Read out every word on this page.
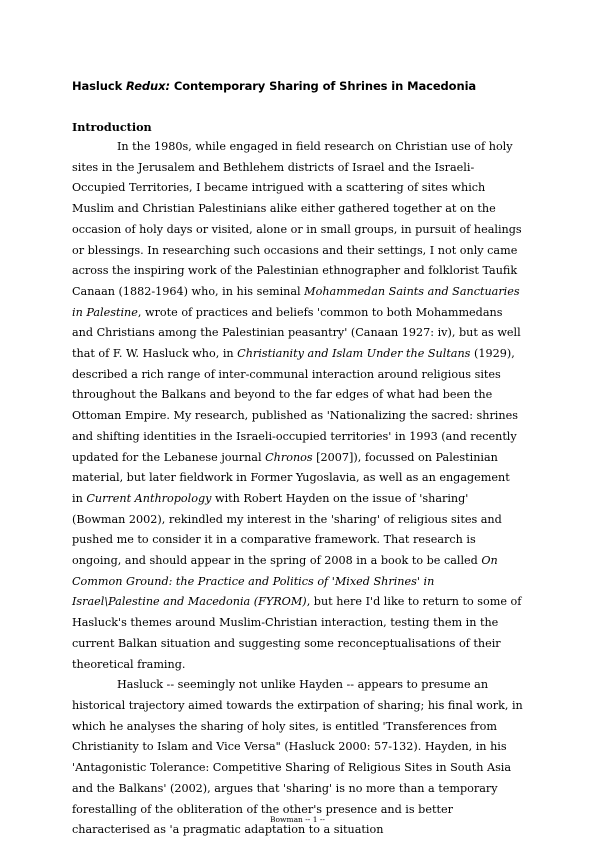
Hasluck Redux: Contemporary Sharing of Shrines in Macedonia

Introduction

In the 1980s, while engaged in field research on Christian use of holy sites in the Jerusalem and Bethlehem districts of Israel and the Israeli-Occupied Territories, I became intrigued with a scattering of sites which Muslim and Christian Palestinians alike either gathered together at on the occasion of holy days or visited, alone or in small groups, in pursuit of healings or blessings. In researching such occasions and their settings, I not only came across the inspiring work of the Palestinian ethnographer and folklorist Taufik Canaan (1882-1964) who, in his seminal Mohammedan Saints and Sanctuaries in Palestine, wrote of practices and beliefs 'common to both Mohammedans and Christians among the Palestinian peasantry' (Canaan 1927: iv), but as well that of F. W. Hasluck who, in Christianity and Islam Under the Sultans (1929), described a rich range of inter-communal interaction around religious sites throughout the Balkans and beyond to the far edges of what had been the Ottoman Empire. My research, published as 'Nationalizing the sacred: shrines and shifting identities in the Israeli-occupied territories' in 1993 (and recently updated for the Lebanese journal Chronos [2007]), focussed on Palestinian material, but later fieldwork in Former Yugoslavia, as well as an engagement in Current Anthropology with Robert Hayden on the issue of 'sharing' (Bowman 2002), rekindled my interest in the 'sharing' of religious sites and pushed me to consider it in a comparative framework. That research is ongoing, and should appear in the spring of 2008 in a book to be called On Common Ground: the Practice and Politics of 'Mixed Shrines' in Israel\Palestine and Macedonia (FYROM), but here I'd like to return to some of Hasluck's themes around Muslim-Christian interaction, testing them in the current Balkan situation and suggesting some reconceptualisations of their theoretical framing.

Hasluck -- seemingly not unlike Hayden -- appears to presume an historical trajectory aimed towards the extirpation of sharing; his final work, in which he analyses the sharing of holy sites, is entitled 'Transferences from Christianity to Islam and Vice Versa" (Hasluck 2000: 57-132). Hayden, in his 'Antagonistic Tolerance: Competitive Sharing of Religious Sites in South Asia and the Balkans' (2002), argues that 'sharing' is no more than a temporary forestalling of the obliteration of the other's presence and is better characterised as 'a pragmatic adaptation to a situation

Bowman -- 1 --
